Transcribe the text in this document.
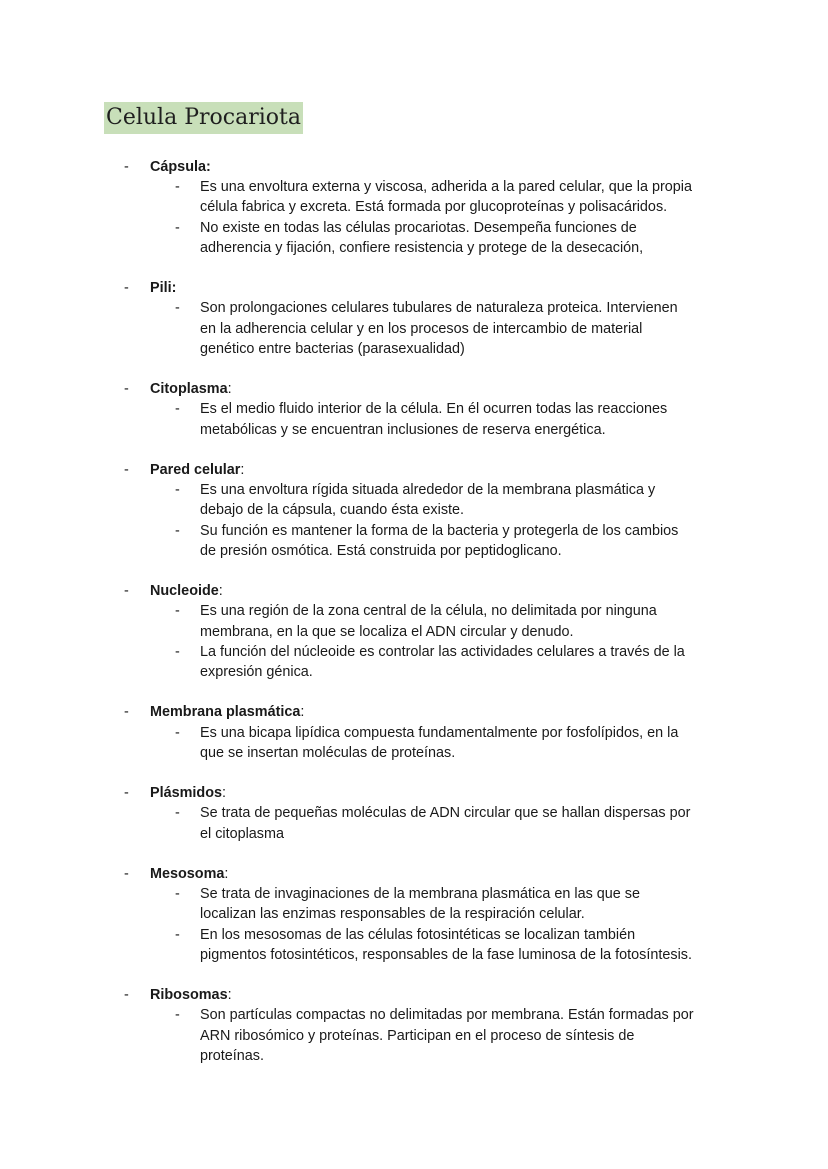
Celula Procariota
- Cápsula:
- Es una envoltura externa y viscosa, adherida a la pared celular, que la propia
célula fabrica y excreta. Está formada por glucoproteínas y polisacáridos.
- No existe en todas las células procariotas. Desempeña funciones de
adherencia y fijación, confiere resistencia y protege de la desecación,
- Pili:
- Son prolongaciones celulares tubulares de naturaleza proteica. Intervienen
en la adherencia celular y en los procesos de intercambio de material
genético entre bacterias (parasexualidad)
- Citoplasma:
- Es el medio fluido interior de la célula. En él ocurren todas las reacciones
metabólicas y se encuentran inclusiones de reserva energética.
- Pared celular:
- Es una envoltura rígida situada alrededor de la membrana plasmática y
debajo de la cápsula, cuando ésta existe.
- Su función es mantener la forma de la bacteria y protegerla de los cambios
de presión osmótica. Está construida por peptidoglicano.
- Nucleoide:
- Es una región de la zona central de la célula, no delimitada por ninguna
membrana, en la que se localiza el ADN circular y denudo.
- La función del núcleoide es controlar las actividades celulares a través de la
expresión génica.
- Membrana plasmática:
- Es una bicapa lipídica compuesta fundamentalmente por fosfolípidos, en la
que se insertan moléculas de proteínas.
- Plásmidos:
- Se trata de pequeñas moléculas de ADN circular que se hallan dispersas por
el citoplasma
- Mesosoma:
- Se trata de invaginaciones de la membrana plasmática en las que se
localizan las enzimas responsables de la respiración celular.
- En los mesosomas de las células fotosintéticas se localizan también
pigmentos fotosintéticos, responsables de la fase luminosa de la fotosíntesis.
- Ribosomas:
- Son partículas compactas no delimitadas por membrana. Están formadas por
ARN ribosómico y proteínas. Participan en el proceso de síntesis de
proteínas.
